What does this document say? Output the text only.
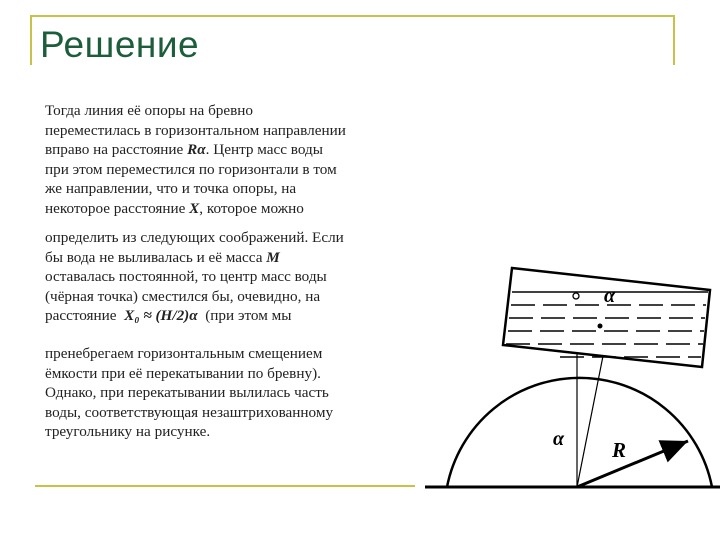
Решение
Тогда линия её опоры на бревно
переместилась в горизонтальном направлении
вправо на расстояние Rα. Центр масс воды
при этом переместился по горизонтали в том
же направлении, что и точка опоры, на
некоторое расстояние X, которое можно
определить из следующих соображений. Если
бы вода не выливалась и её масса M
оставалась постоянной, то центр масс воды
(чёрная точка) сместился бы, очевидно, на
расстояние X₀ ≈ (H/2)α (при этом мы
пренебрегаем горизонтальным смещением
ёмкости при её перекатывании по бревну).
Однако, при перекатывании вылилась часть
воды, соответствующая незаштрихованному
треугольнику на рисунке.
α
α R
